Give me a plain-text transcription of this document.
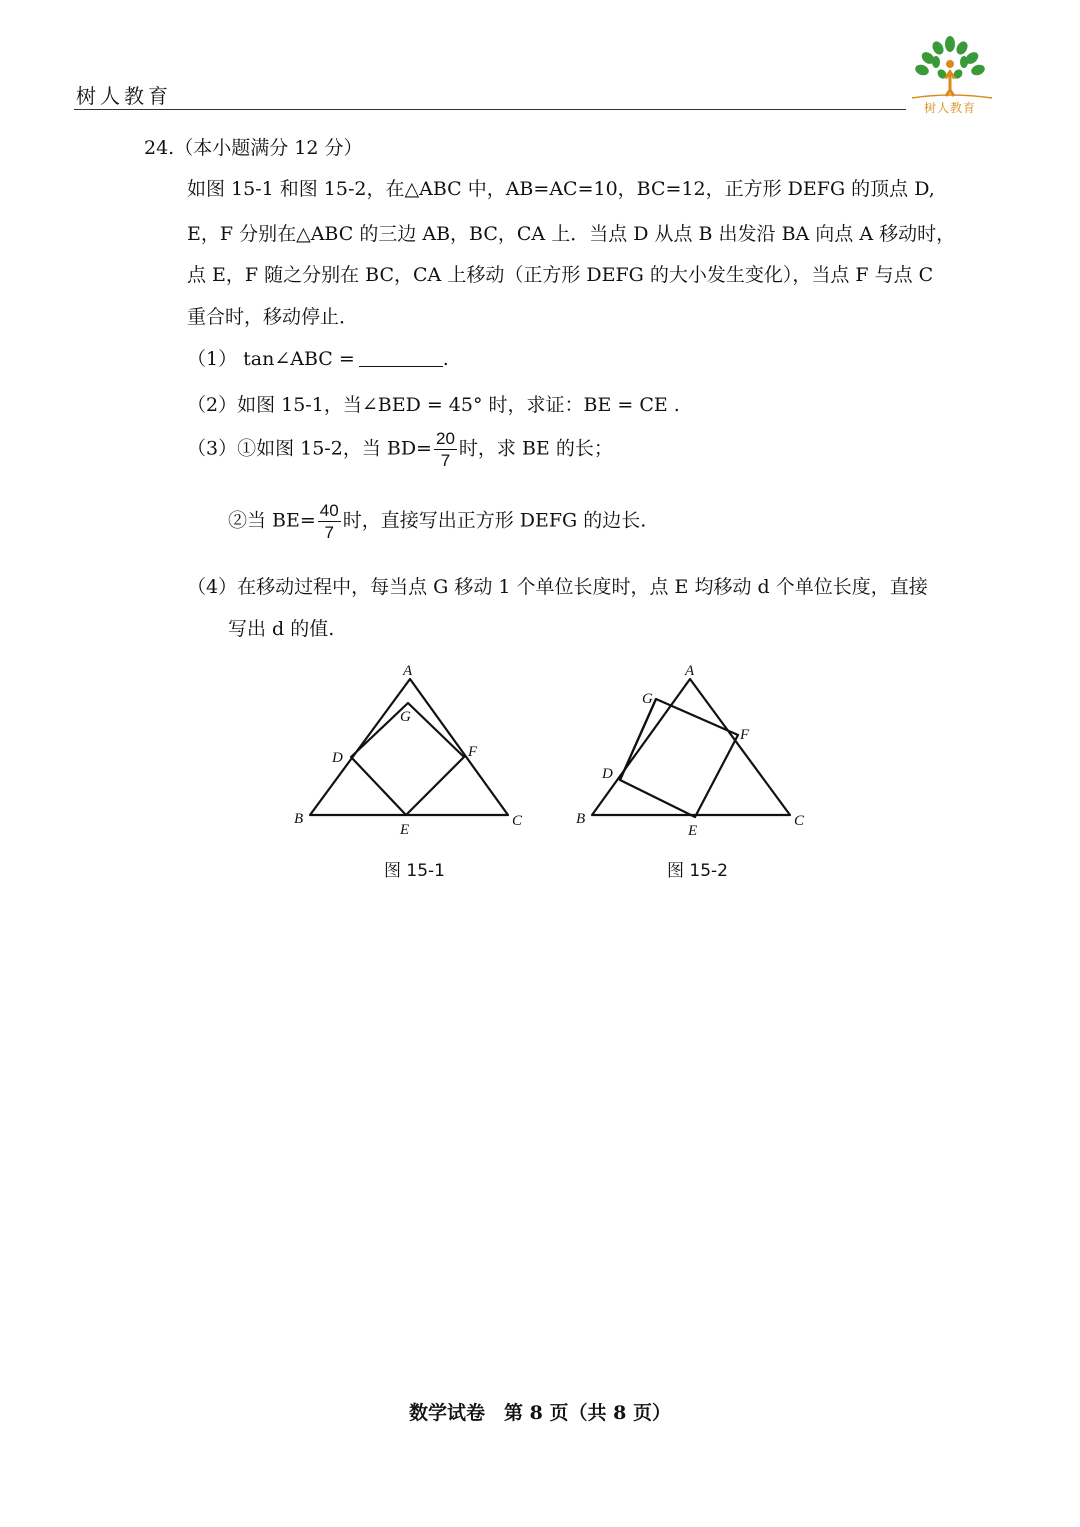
树人教育	树人教育
24.（本小题满分 12 分）
如图 15-1 和图 15-2，在△ABC 中，AB=AC=10，BC=12，正方形 DEFG 的顶点 D,
E，F 分别在△ABC 的三边 AB，BC，CA 上．当点 D 从点 B 出发沿 BA 向点 A 移动时，
点 E，F 随之分别在 BC，CA 上移动（正方形 DEFG 的大小发生变化），当点 F 与点 C
重合时，移动停止．
（1） tan∠ABC =	.
（2）如图 15-1，当∠BED = 45° 时，求证：BE = CE .
（3）①如图 15-2，当 $BD= \frac{20}{7}$ 时，求 BE 的长；
②当 $BE= \frac{40}{7}$ 时，直接写出正方形 DEFG 的边长.
（4）在移动过程中，每当点 G 移动 1 个单位长度时，点 E 均移动 d 个单位长度，直接
写出 d 的值.
A
B	C
D
E
F
G
图 15-1
A
B	C
D
E
F
G
图 15-2
数学试卷　第 8 页（共 8 页）
